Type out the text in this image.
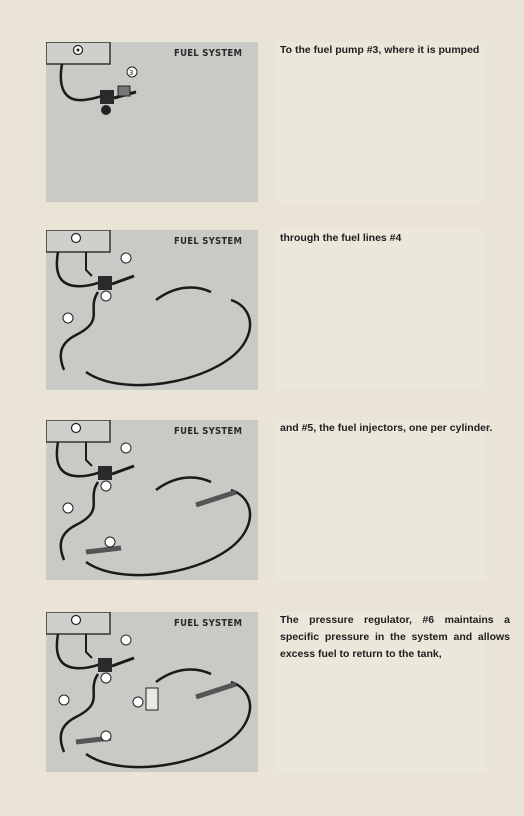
3
FUEL SYSTEM	To the fuel pump #3, where it is pumped

FUEL SYSTEM	through the fuel lines #4

FUEL SYSTEM	and #5, the fuel injectors, one per cylinder.

FUEL SYSTEM	The pressure regulator, #6 maintains a specific pressure in the system and allows excess fuel to return to the tank,
